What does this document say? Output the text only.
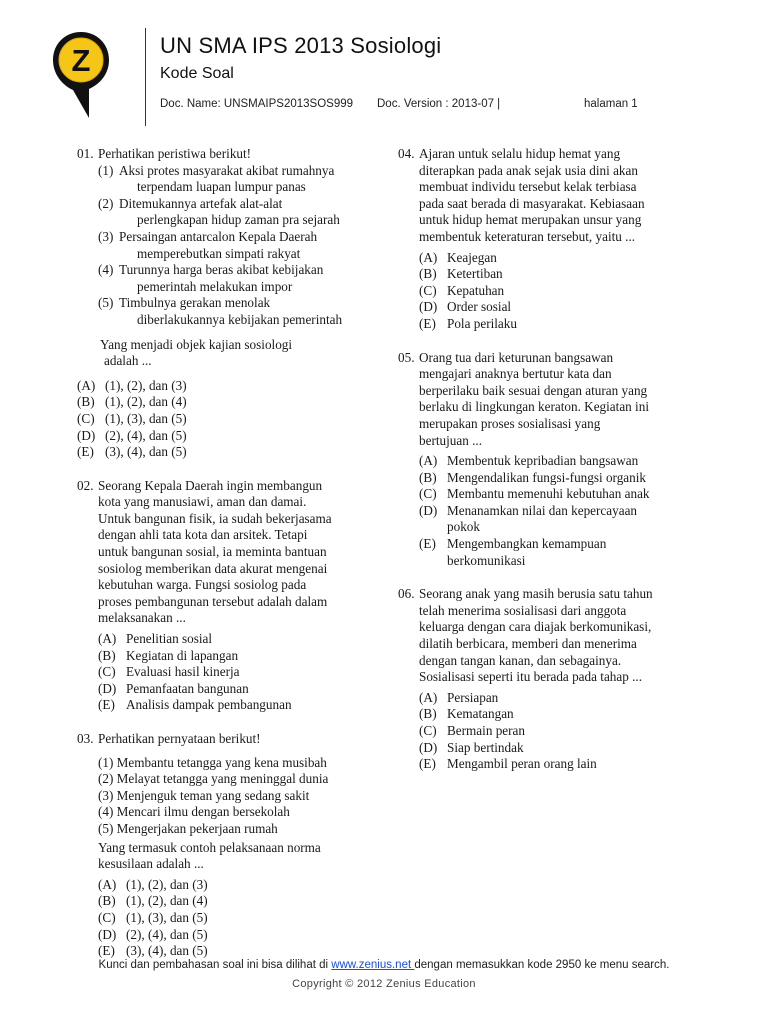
Z	UN SMA IPS 2013 Sosiologi
Kode Soal
Doc. Name: UNSMAIPS2013SOS999 Doc. Version : 2013-07 |	halaman 1
01. Perhatikan peristiwa berikut!
(1) Aksi protes masyarakat akibat rumahnya
terpendam luapan lumpur panas
(2) Ditemukannya artefak alat-alat
perlengkapan hidup zaman pra sejarah
(3) Persaingan antarcalon Kepala Daerah
memperebutkan simpati rakyat
(4) Turunnya harga beras akibat kebijakan
pemerintah melakukan impor
(5) Timbulnya gerakan menolak
diberlakukannya kebijakan pemerintah
Yang menjadi objek kajian sosiologi
adalah ...
(A) (1), (2), dan (3)
(B) (1), (2), dan (4)
(C) (1), (3), dan (5)
(D) (2), (4), dan (5)
(E) (3), (4), dan (5)
02. Seorang Kepala Daerah ingin membangun
kota yang manusiawi, aman dan damai.
Untuk bangunan fisik, ia sudah bekerjasama
dengan ahli tata kota dan arsitek. Tetapi
untuk bangunan sosial, ia meminta bantuan
sosiolog memberikan data akurat mengenai
kebutuhan warga. Fungsi sosiolog pada
proses pembangunan tersebut adalah dalam
melaksanakan ...
(A) Penelitian sosial
(B) Kegiatan di lapangan
(C) Evaluasi hasil kinerja
(D) Pemanfaatan bangunan
(E) Analisis dampak pembangunan
03. Perhatikan pernyataan berikut!
(1) Membantu tetangga yang kena musibah
(2) Melayat tetangga yang meninggal dunia
(3) Menjenguk teman yang sedang sakit
(4) Mencari ilmu dengan bersekolah
(5) Mengerjakan pekerjaan rumah
Yang termasuk contoh pelaksanaan norma
kesusilaan adalah ...
(A) (1), (2), dan (3)
(B) (1), (2), dan (4)
(C) (1), (3), dan (5)
(D) (2), (4), dan (5)
(E) (3), (4), dan (5)
04. Ajaran untuk selalu hidup hemat yang
diterapkan pada anak sejak usia dini akan
membuat individu tersebut kelak terbiasa
pada saat berada di masyarakat. Kebiasaan
untuk hidup hemat merupakan unsur yang
membentuk keteraturan tersebut, yaitu ...
(A) Keajegan
(B) Ketertiban
(C) Kepatuhan
(D) Order sosial
(E) Pola perilaku
05. Orang tua dari keturunan bangsawan
mengajari anaknya bertutur kata dan
berperilaku baik sesuai dengan aturan yang
berlaku di lingkungan keraton. Kegiatan ini
merupakan proses sosialisasi yang
bertujuan ...
(A) Membentuk kepribadian bangsawan
(B) Mengendalikan fungsi-fungsi organik
(C) Membantu memenuhi kebutuhan anak
(D) Menanamkan nilai dan kepercayaan
pokok
(E) Mengembangkan kemampuan
berkomunikasi
06. Seorang anak yang masih berusia satu tahun
telah menerima sosialisasi dari anggota
keluarga dengan cara diajak berkomunikasi,
dilatih berbicara, memberi dan menerima
dengan tangan kanan, dan sebagainya.
Sosialisasi seperti itu berada pada tahap ...
(A) Persiapan
(B) Kematangan
(C) Bermain peran
(D) Siap bertindak
(E) Mengambil peran orang lain
Kunci dan pembahasan soal ini bisa dilihat di www.zenius.net dengan memasukkan kode 2950 ke menu search.
Copyright © 2012 Zenius Education
